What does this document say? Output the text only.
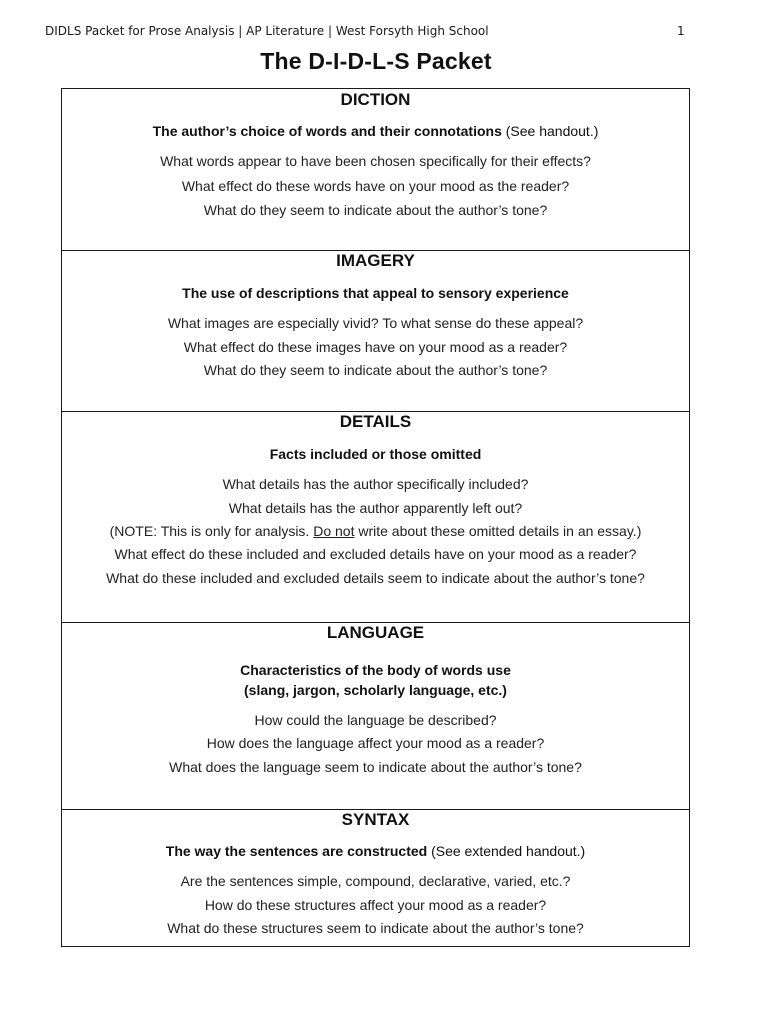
DIDLS Packet for Prose Analysis | AP Literature | West Forsyth High School	1
The D-I-D-L-S Packet
DICTION
The author’s choice of words and their connotations (See handout.)
What words appear to have been chosen specifically for their effects?
What effect do these words have on your mood as the reader?
What do they seem to indicate about the author’s tone?
IMAGERY
The use of descriptions that appeal to sensory experience
What images are especially vivid? To what sense do these appeal?
What effect do these images have on your mood as a reader?
What do they seem to indicate about the author’s tone?
DETAILS
Facts included or those omitted
What details has the author specifically included?
What details has the author apparently left out?
(NOTE: This is only for analysis. Do not write about these omitted details in an essay.)
What effect do these included and excluded details have on your mood as a reader?
What do these included and excluded details seem to indicate about the author’s tone?
LANGUAGE
Characteristics of the body of words use
(slang, jargon, scholarly language, etc.)
How could the language be described?
How does the language affect your mood as a reader?
What does the language seem to indicate about the author’s tone?
SYNTAX
The way the sentences are constructed (See extended handout.)
Are the sentences simple, compound, declarative, varied, etc.?
How do these structures affect your mood as a reader?
What do these structures seem to indicate about the author’s tone?
